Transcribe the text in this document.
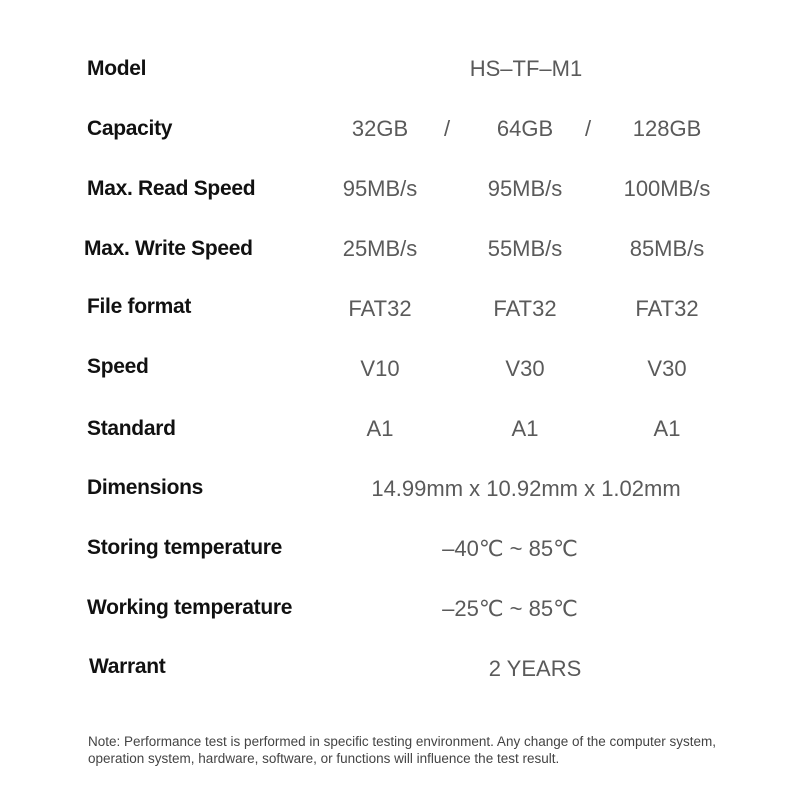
Model	HS–TF–M1
Capacity	32GB	/	64GB	/	128GB
Max. Read Speed	95MB/s	95MB/s	100MB/s
Max. Write Speed	25MB/s	55MB/s	85MB/s
File format	FAT32	FAT32	FAT32
Speed	V10	V30	V30
Standard	A1	A1	A1
Dimensions	14.99mm x 10.92mm x 1.02mm
Storing temperature	–40℃ ~ 85℃
Working temperature	–25℃ ~ 85℃
Warrant	2 YEARS
Note: Performance test is performed in specific testing environment. Any change of the computer system, operation system, hardware, software, or functions will influence the test result.
